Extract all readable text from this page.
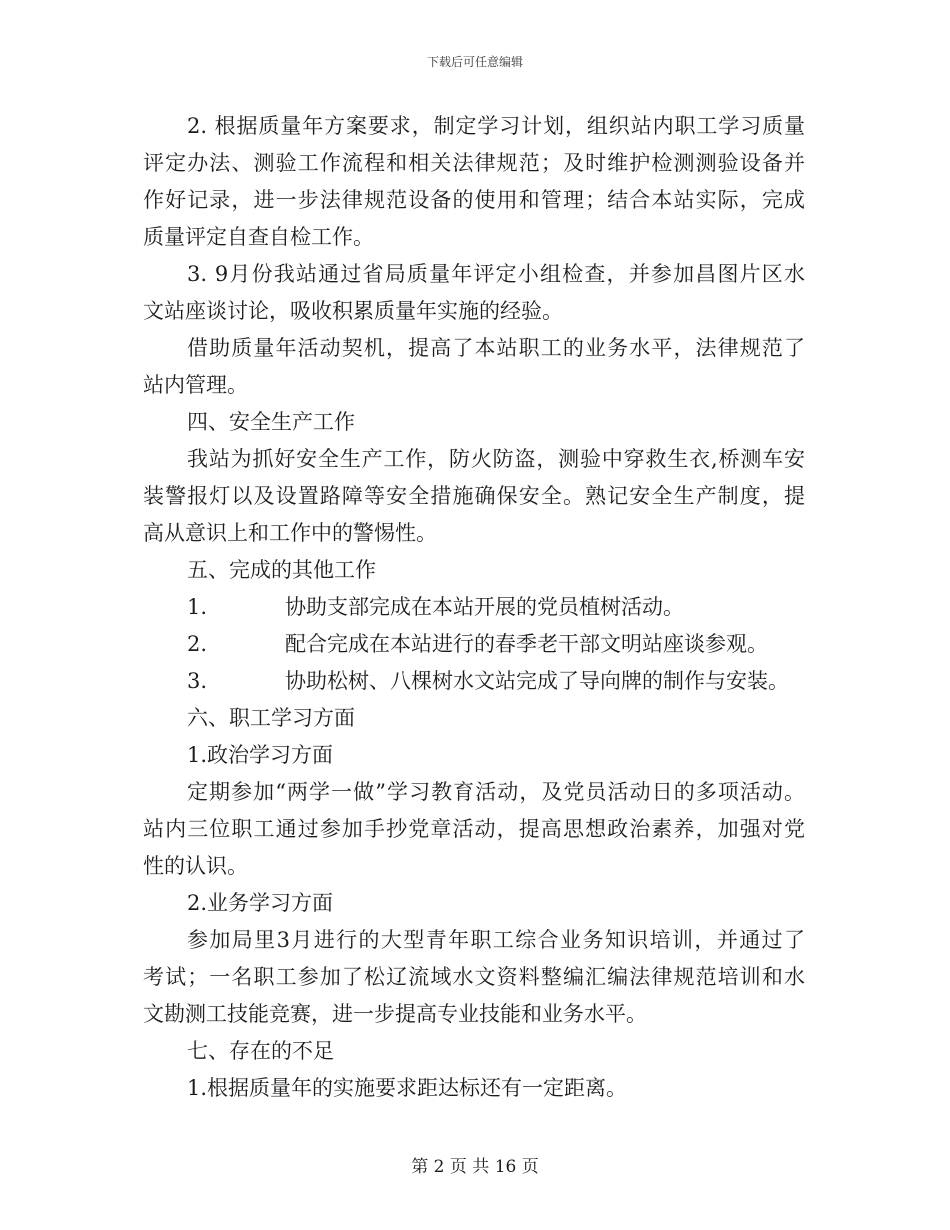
下载后可任意编辑
2. 根据质量年方案要求，制定学习计划，组织站内职工学习质量
评定办法、测验工作流程和相关法律规范；及时维护检测测验设备并
作好记录，进一步法律规范设备的使用和管理；结合本站实际，完成
质量评定自查自检工作。
3. 9月份我站通过省局质量年评定小组检查，并参加昌图片区水
文站座谈讨论，吸收积累质量年实施的经验。
借助质量年活动契机，提高了本站职工的业务水平，法律规范了
站内管理。
四、安全生产工作
我站为抓好安全生产工作，防火防盗，测验中穿救生衣,桥测车安
装警报灯以及设置路障等安全措施确保安全。熟记安全生产制度，提
高从意识上和工作中的警惕性。
五、完成的其他工作
1.	协助支部完成在本站开展的党员植树活动。
2.	配合完成在本站进行的春季老干部文明站座谈参观。
3.	协助松树、八棵树水文站完成了导向牌的制作与安装。
六、职工学习方面
1.政治学习方面
定期参加“两学一做”学习教育活动，及党员活动日的多项活动。
站内三位职工通过参加手抄党章活动，提高思想政治素养，加强对党
性的认识。
2.业务学习方面
参加局里3月进行的大型青年职工综合业务知识培训，并通过了
考试；一名职工参加了松辽流域水文资料整编汇编法律规范培训和水
文勘测工技能竞赛，进一步提高专业技能和业务水平。
七、存在的不足
1.根据质量年的实施要求距达标还有一定距离。
第 2 页 共 16 页
